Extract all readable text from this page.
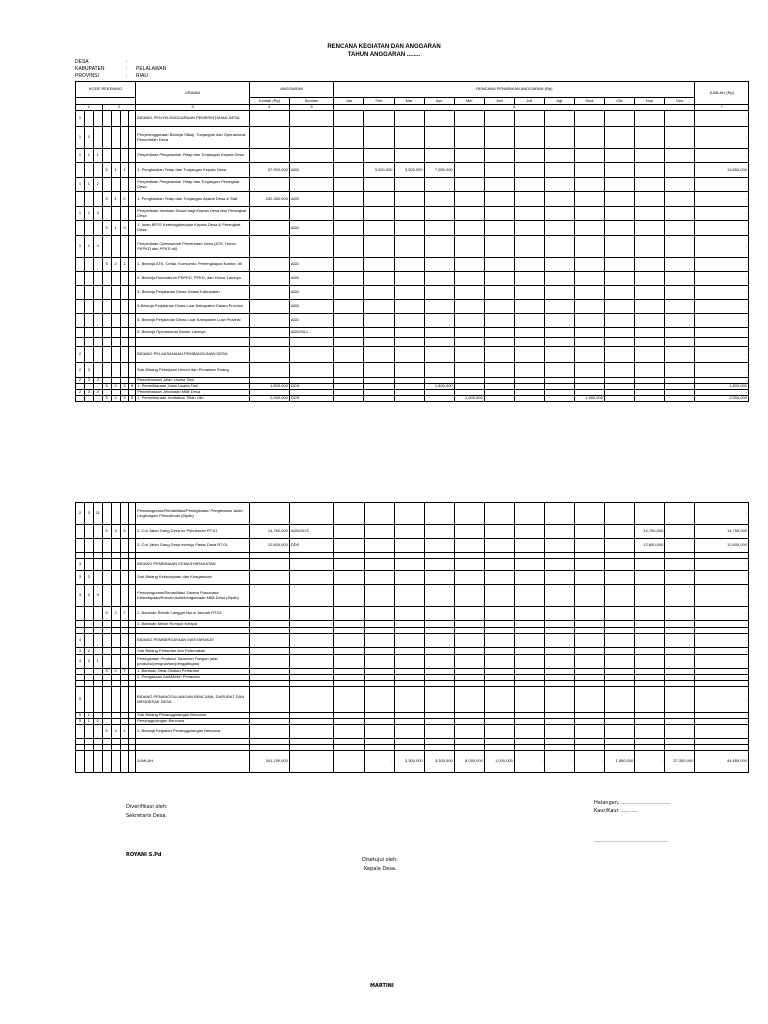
RENCANA KEGIATAN DAN ANGGARAN
TAHUN ANGGARAN ........
DESA	:
KABUPATEN	: PELALAWAN
PROVINSI	: RIAU
KODE REKENING							URAIAN	ANGGARAN		RENCANA PENARIKAN ANGGARAN (Rp)												JUMLAH (Rp)
								Jumlah (Rp)	Sumber	Jan	Feb	Mar	Apr	Mei	Juni	Juli	Agt	Sept	Okt	Nop	Des	
1			2				3	4	5	6												7
1							BIDANG PENYELENGGARAAN PEMERINTAHAN DESA															-
1	1						Penyelenggaraan Belanja Siltap, Tunjangan dan Operasional Pemerintah Desa															-
1	1	1					Penyediaan Penghasilan Tetap dan Tunjangan Kepala Desa															-
			5	1	1		1. Penghasilan Tetap dan Tunjangan Kepala Desa	57,900,000	ADD		3,300,000	3,300,000	7,050,000									13,650,000
1	1	2					Penyediaan Penghasilan Tetap dan Tunjangan Perangkat Desa															-
			5	1	2		1. Penghasilan Tetap dan Tunjangan Aparat Desa & Staf	252,350,000	ADD													-
1	1	3					Penyediaan Jaminan Sosial bagi Kepala Desa dan Perangkat Desa															-
			5	1	3		1. Iuran BPJS Ketenagakerjaan Kepala Desa & Perangkat Desa		ADD													-
1	1	4					Penyediaan Operasional Pemerintah Desa (ATK, Honor PKPKD dan PPKD dll)															-
			5	2	1		1. Belanja ATK, Cetak, Konsumsi, Perlengkapan Kantor, dll		ADD													-
							2. Belanja Honorarium PKPKD, PPKD, dan Honor Lainnya		ADD													-
							3. Belanja Perjalanan Dinas Dalam Kabupaten		ADD													-
							4.Belanja Perjalanan Dinas Luar Kabupaten Dalam Provinsi		ADD													-
							5. Belanja Perjalanan Dinas Luar Kabupaten Luar Provinsi		ADD													-
							6. Belanja Operasional Kantor Lainnya		ADD/SILL													-

2							BIDANG PELAKSANAAN PEMBANGUNAN DESA															-
2	3						Sub Bidang Pekerjaan Umum dan Penataan Ruang															-
2	3	3					Pemeliharaan Jalan Usaha Tani															-
			5	2	3	8	1. Pemeliharaan Jalan Usaha Tani	1,800,000	DDS				1,800,000									1,800,000
2	3	4					Pemeliharaan Jembatan Milik Desa															-
			5	2	3	8	1. Pemeliharaan Jembatan Titian Ulin	2,550,000	DDS					1,000,000				1,550,000				2,550,000
2	3	11					Pembangunan/Rehabilitasi/Peningkatan/ Pengerasan Jalan Lingkungan Pemukiman (Diplin)															-
			5	3	5		1. Cor Jalan Gang Desa ke Pekuburan RT.01	14,750,000	ADD/DDS											14,750,000		14,750,000
							2. Cor Jalan Gang Desa menuju Pasar Desa RT.01	12,600,000	DDS											12,600,000		12,600,000

3							BIDANG PEMBINAAN KEMASYARAKATAN															-
3	2						Sub Bidang Kebudayaan dan Keagamaan															-
3	2	5					Pembangunan/Rehabilitasi Sarana Prasarana Kebudayaan/Rumah Adat/Keagamaan Milik Desa (Diplin)															-
			5	2	7		1. Bantuan Rehab Langgar Nurul Jannah RT.02															-
							2. Bantuan Mesin Rumput Kelapa															-

4							BIDANG PEMBERDAYAAN MASYARAKAT															-
4	2						Sub Bidang Pertanian dan Peternakan															-
4	2	1					Peningkatan Produksi Tanaman Pangan (alat produksi/pengolahan/penggilingan)															-
			5	2	7		1. Bantuan Obat-Obatan Pertanian															-
							2. Pengadaan Alat/Mesin Pertanian															-

5							BIDANG PENANGGULANGAN BENCANA, DARURAT DAN MENDESAK DESA															-
5	1						Sub Bidang Penanggulangan Bencana															-
5	1	0					Penanggulangan Bencana															-
			5	4	1		1. Belanja Kegiatan Penanggulangan Bencana															-

							JUMLAH	341,150,000		-	-	3,300,000	3,300,000	8,050,000	1,000,000	-	-	-	1,550,000	-	27,350,000	44,550,000
Diverifikasi oleh:
Sekretaris Desa.
ROYANI S.Pd
Helangen, ...............................
Kaur/Kaur ...........
...............................................
Disetujui oleh:
Kepala Desa.
MARTINI
